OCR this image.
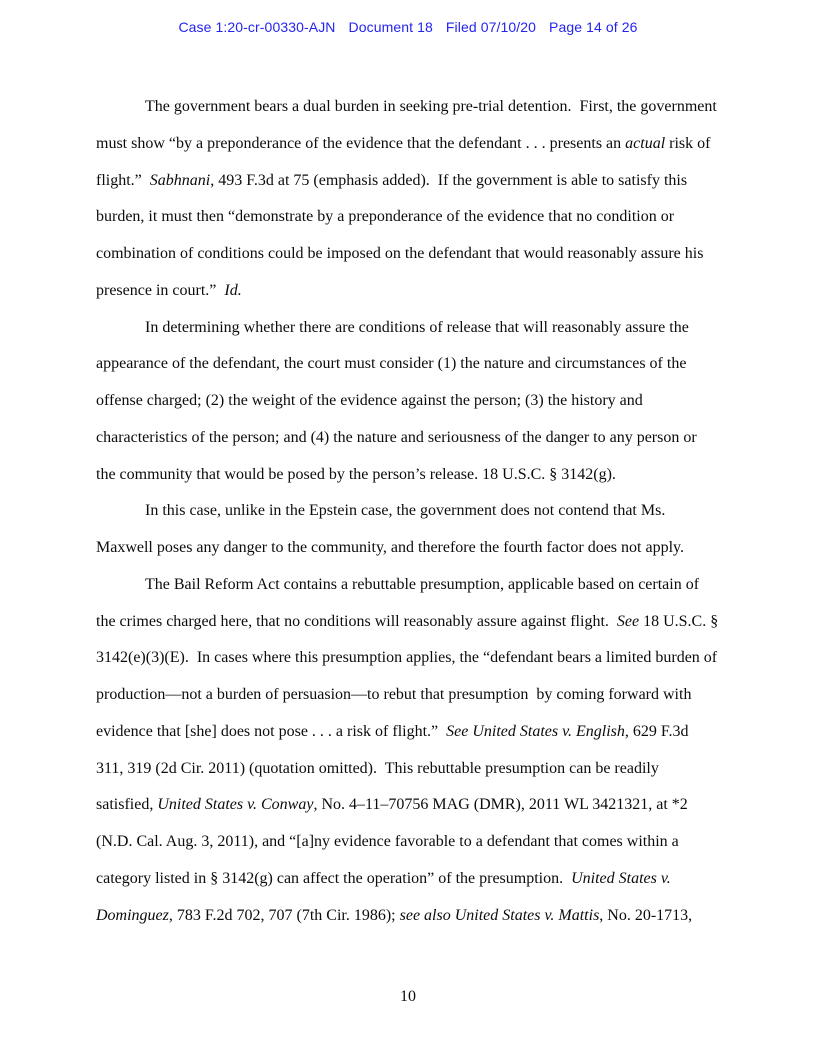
Case 1:20-cr-00330-AJN Document 18 Filed 07/10/20 Page 14 of 26
The government bears a dual burden in seeking pre-trial detention.  First, the government
must show “by a preponderance of the evidence that the defendant . . . presents an actual risk of
flight.”  Sabhnani, 493 F.3d at 75 (emphasis added).  If the government is able to satisfy this
burden, it must then “demonstrate by a preponderance of the evidence that no condition or
combination of conditions could be imposed on the defendant that would reasonably assure his
presence in court.”  Id.
In determining whether there are conditions of release that will reasonably assure the
appearance of the defendant, the court must consider (1) the nature and circumstances of the
offense charged; (2) the weight of the evidence against the person; (3) the history and
characteristics of the person; and (4) the nature and seriousness of the danger to any person or
the community that would be posed by the person’s release. 18 U.S.C. § 3142(g).
In this case, unlike in the Epstein case, the government does not contend that Ms.
Maxwell poses any danger to the community, and therefore the fourth factor does not apply.
The Bail Reform Act contains a rebuttable presumption, applicable based on certain of
the crimes charged here, that no conditions will reasonably assure against flight.  See 18 U.S.C. §
3142(e)(3)(E).  In cases where this presumption applies, the “defendant bears a limited burden of
production—not a burden of persuasion—to rebut that presumption  by coming forward with
evidence that [she] does not pose . . . a risk of flight.”  See United States v. English, 629 F.3d
311, 319 (2d Cir. 2011) (quotation omitted).  This rebuttable presumption can be readily
satisfied, United States v. Conway, No. 4–11–70756 MAG (DMR), 2011 WL 3421321, at *2
(N.D. Cal. Aug. 3, 2011), and “[a]ny evidence favorable to a defendant that comes within a
category listed in § 3142(g) can affect the operation” of the presumption.  United States v.
Dominguez, 783 F.2d 702, 707 (7th Cir. 1986); see also United States v. Mattis, No. 20-1713,
10
